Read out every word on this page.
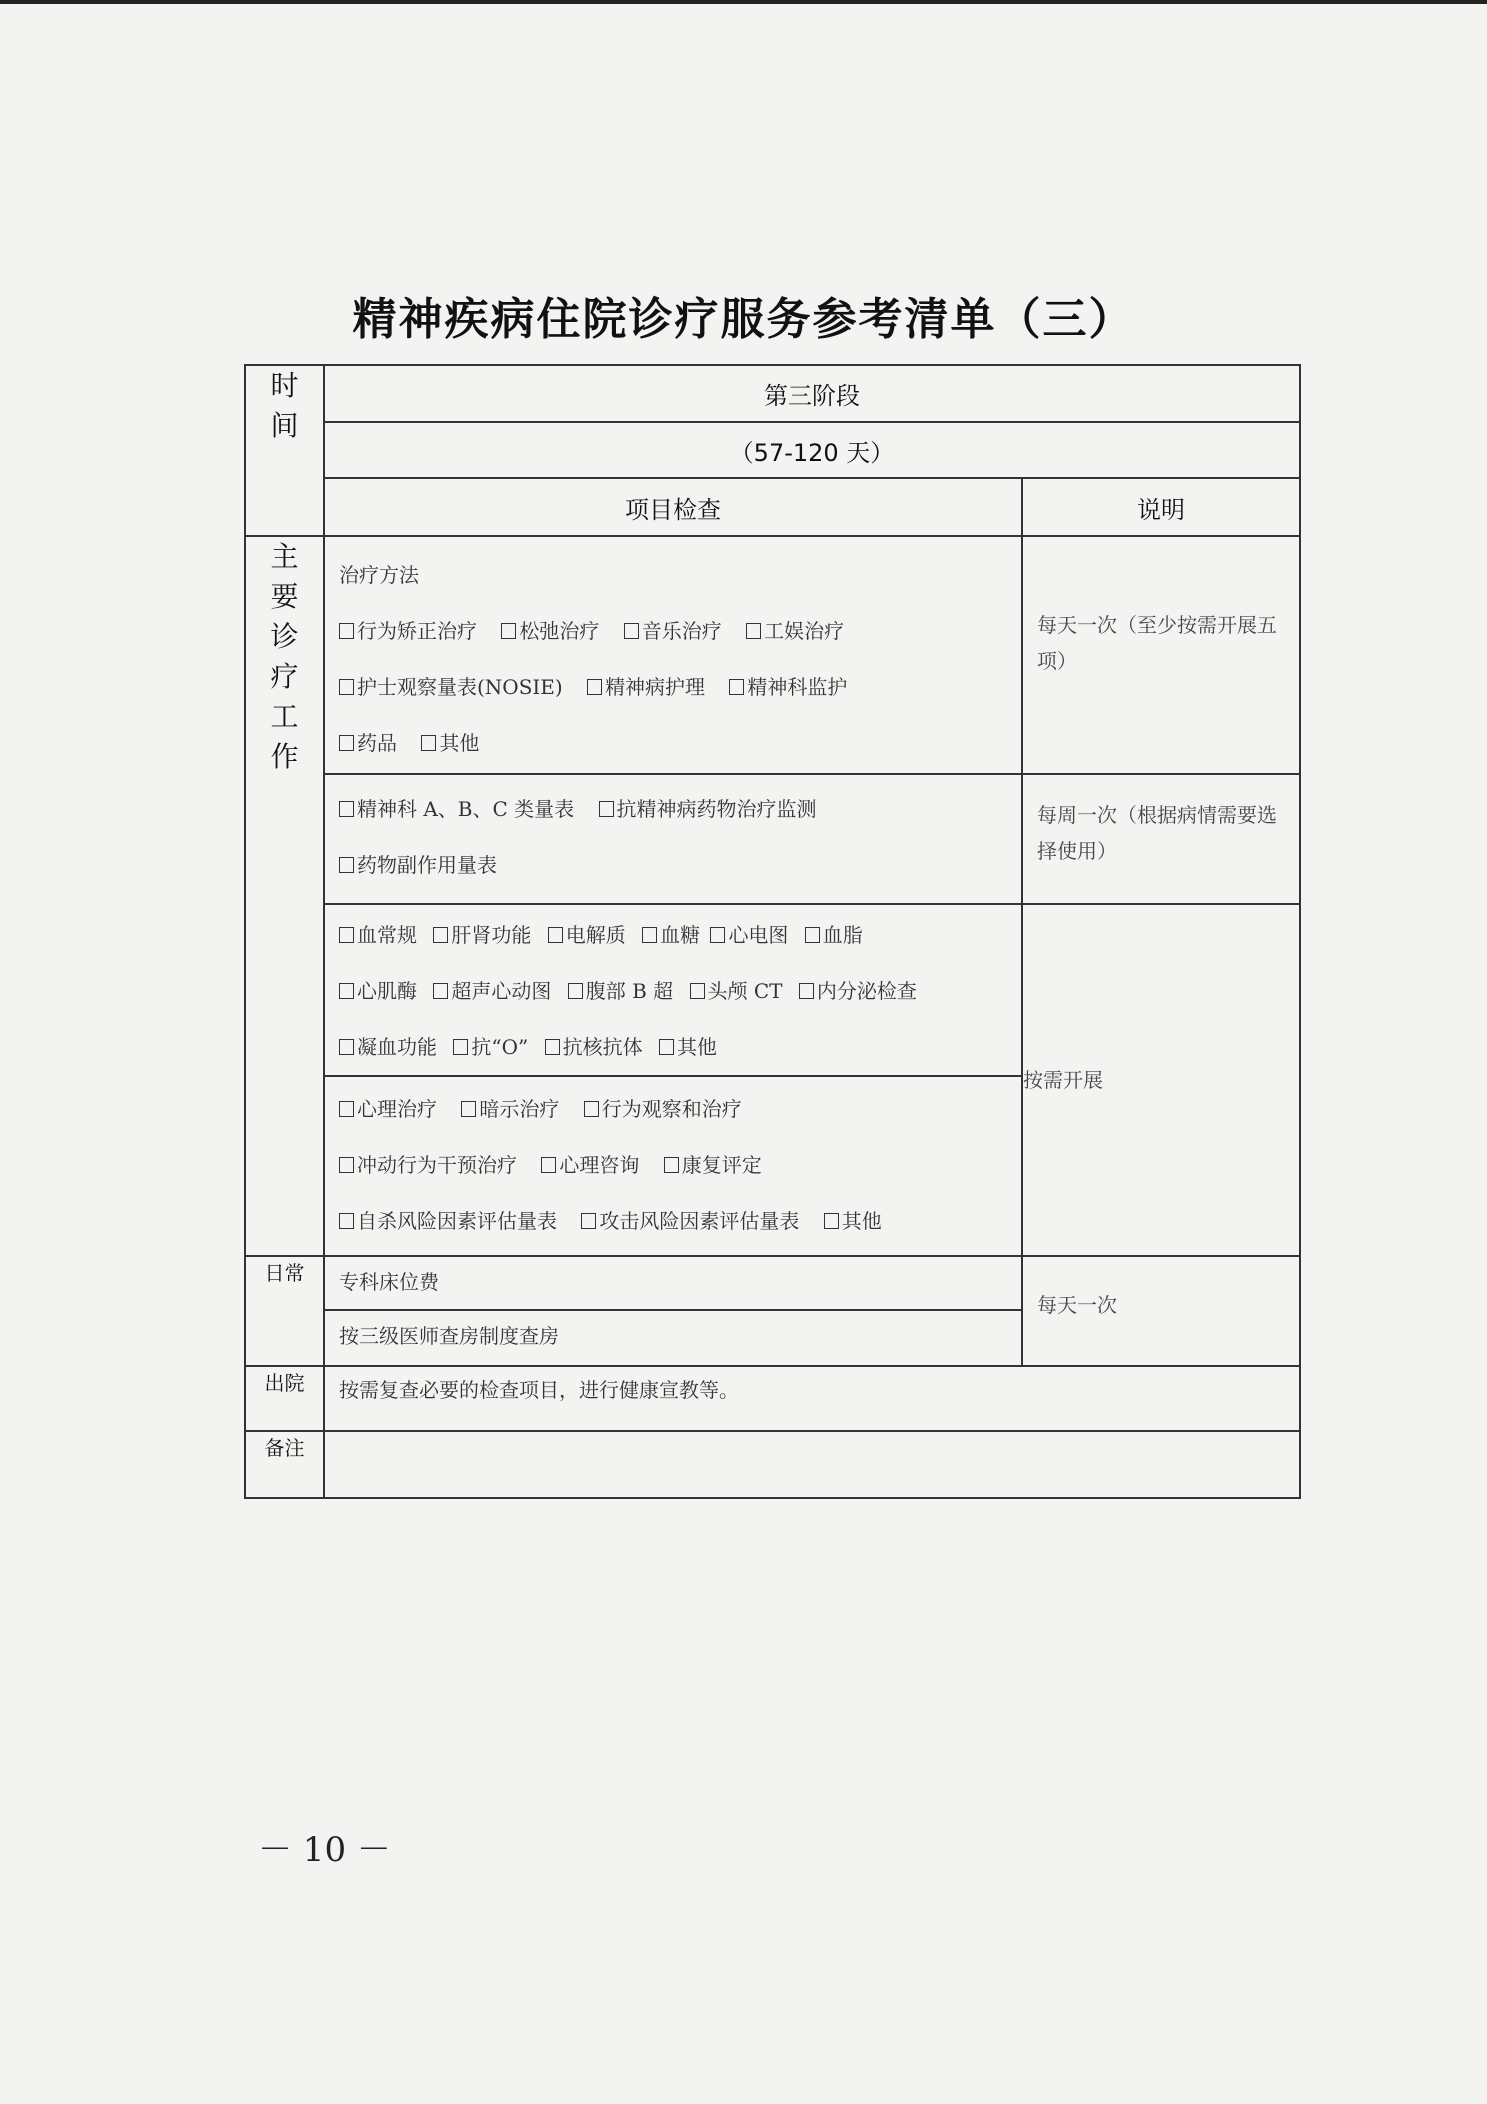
精神疾病住院诊疗服务参考清单（三）
时间	第三阶段	
	（57-120 天）	
	项目检查	说明
主要诊疗工作	治疗方法
行为矫正治疗 松弛治疗 音乐治疗 工娱治疗
护士观察量表(NOSIE) 精神病护理 精神科监护
药品 其他	每天一次（至少按需开展五项）

	精神科 A、B、C 类量表 抗精神病药物治疗监测
药物副作用量表	每周一次（根据病情需要选择使用）

	血常规 肝肾功能 电解质 血糖 心电图 血脂
心肌酶 超声心动图 腹部 B 超 头颅 CT 内分泌检查
凝血功能 抗“O” 抗核抗体 其他	按需开展

	心理治疗 暗示治疗 行为观察和治疗
冲动行为干预治疗 心理咨询 康复评定
自杀风险因素评估量表 攻击风险因素评估量表 其他	

日常	专科床位费	每天一次

	按三级医师查房制度查房	

出院	按需复查必要的检查项目，进行健康宣教等。	

备注		
－ 10 －
